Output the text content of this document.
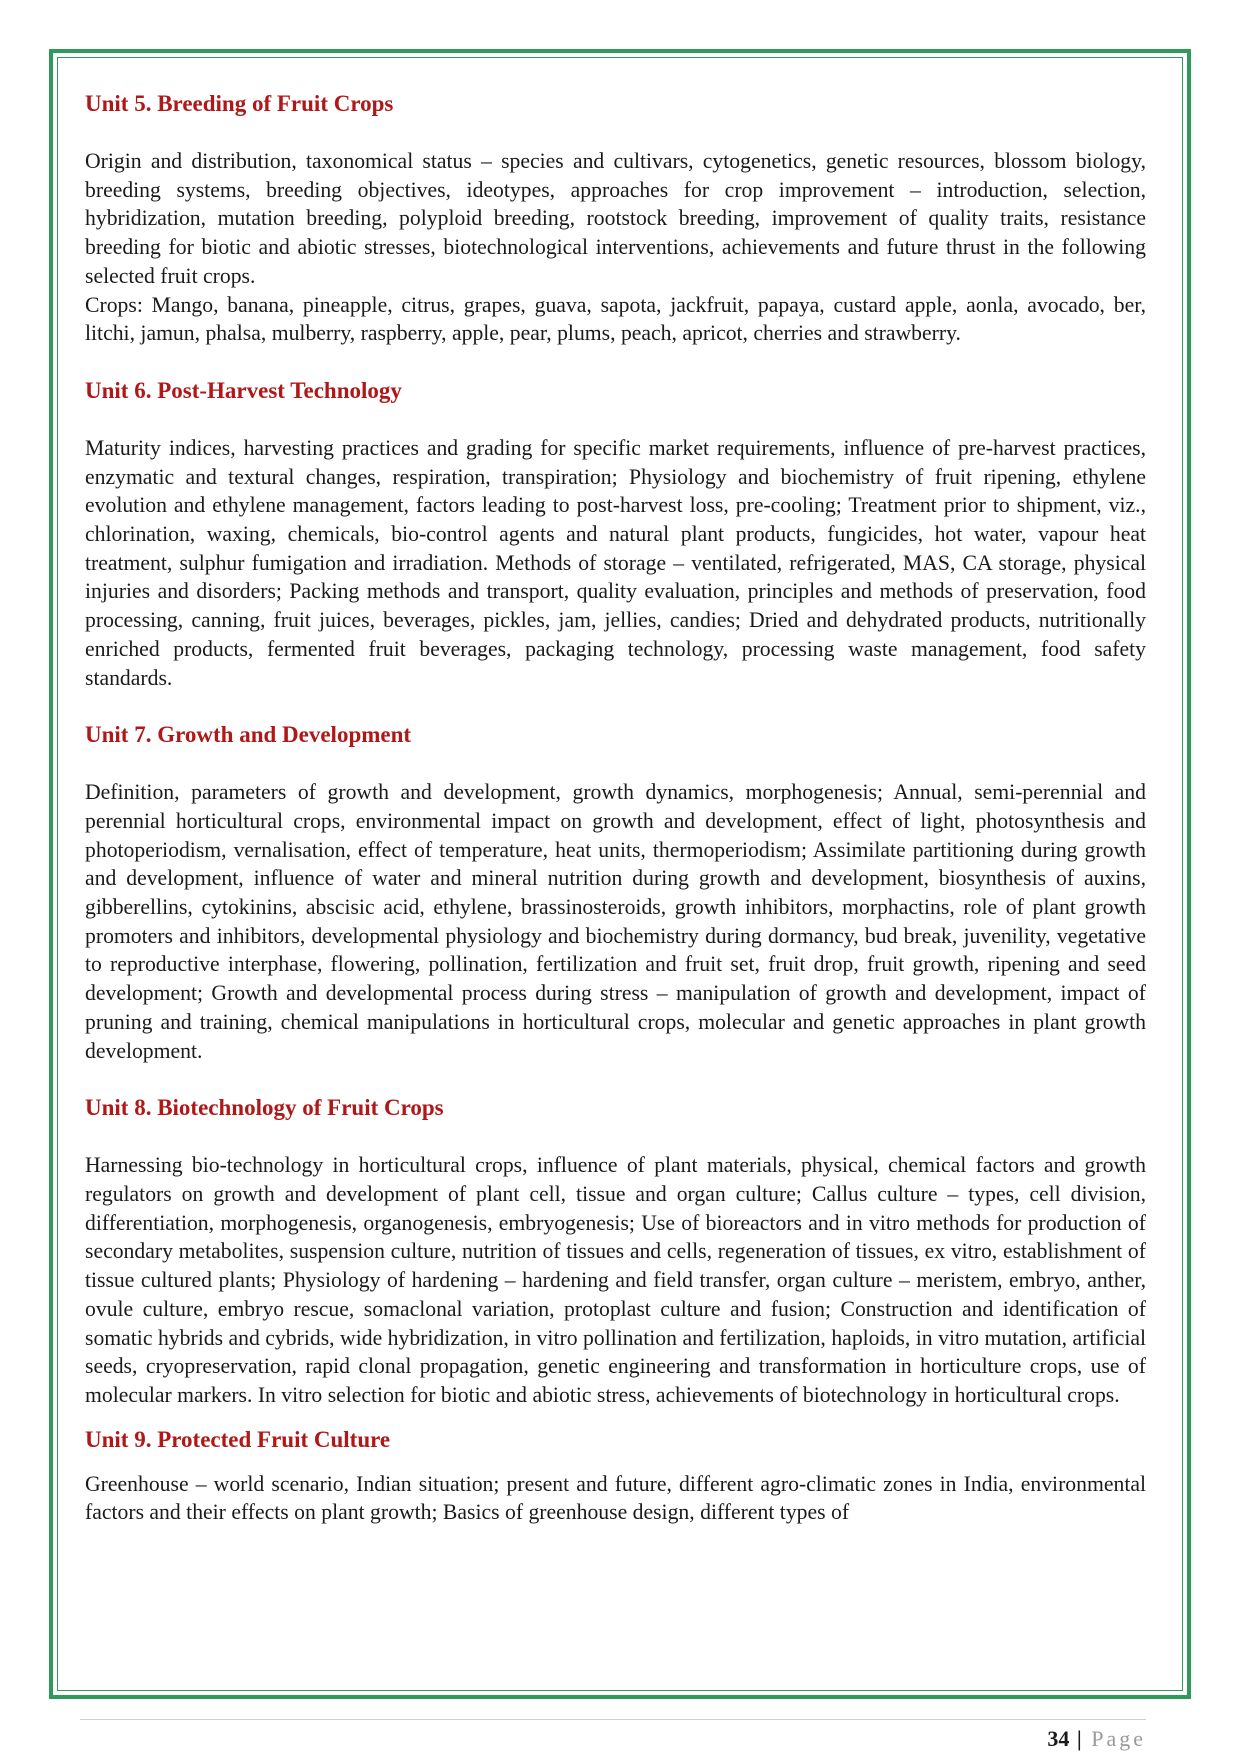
Unit 5. Breeding of Fruit Crops

Origin and distribution, taxonomical status – species and cultivars, cytogenetics, genetic resources, blossom biology, breeding systems, breeding objectives, ideotypes, approaches for crop improvement – introduction, selection, hybridization, mutation breeding, polyploid breeding, rootstock breeding, improvement of quality traits, resistance breeding for biotic and abiotic stresses, biotechnological interventions, achievements and future thrust in the following selected fruit crops.

Crops: Mango, banana, pineapple, citrus, grapes, guava, sapota, jackfruit, papaya, custard apple, aonla, avocado, ber, litchi, jamun, phalsa, mulberry, raspberry, apple, pear, plums, peach, apricot, cherries and strawberry.

Unit 6. Post-Harvest Technology

Maturity indices, harvesting practices and grading for specific market requirements, influence of pre-harvest practices, enzymatic and textural changes, respiration, transpiration; Physiology and biochemistry of fruit ripening, ethylene evolution and ethylene management, factors leading to post-harvest loss, pre-cooling; Treatment prior to shipment, viz., chlorination, waxing, chemicals, bio-control agents and natural plant products, fungicides, hot water, vapour heat treatment, sulphur fumigation and irradiation. Methods of storage – ventilated, refrigerated, MAS, CA storage, physical injuries and disorders; Packing methods and transport, quality evaluation, principles and methods of preservation, food processing, canning, fruit juices, beverages, pickles, jam, jellies, candies; Dried and dehydrated products, nutritionally enriched products, fermented fruit beverages, packaging technology, processing waste management, food safety standards.

Unit 7. Growth and Development

Definition, parameters of growth and development, growth dynamics, morphogenesis; Annual, semi-perennial and perennial horticultural crops, environmental impact on growth and development, effect of light, photosynthesis and photoperiodism, vernalisation, effect of temperature, heat units, thermoperiodism; Assimilate partitioning during growth and development, influence of water and mineral nutrition during growth and development, biosynthesis of auxins, gibberellins, cytokinins, abscisic acid, ethylene, brassinosteroids, growth inhibitors, morphactins, role of plant growth promoters and inhibitors, developmental physiology and biochemistry during dormancy, bud break, juvenility, vegetative to reproductive interphase, flowering, pollination, fertilization and fruit set, fruit drop, fruit growth, ripening and seed development; Growth and developmental process during stress – manipulation of growth and development, impact of pruning and training, chemical manipulations in horticultural crops, molecular and genetic approaches in plant growth development.

Unit 8. Biotechnology of Fruit Crops

Harnessing bio-technology in horticultural crops, influence of plant materials, physical, chemical factors and growth regulators on growth and development of plant cell, tissue and organ culture; Callus culture – types, cell division, differentiation, morphogenesis, organogenesis, embryogenesis; Use of bioreactors and in vitro methods for production of secondary metabolites, suspension culture, nutrition of tissues and cells, regeneration of tissues, ex vitro, establishment of tissue cultured plants; Physiology of hardening – hardening and field transfer, organ culture – meristem, embryo, anther, ovule culture, embryo rescue, somaclonal variation, protoplast culture and fusion; Construction and identification of somatic hybrids and cybrids, wide hybridization, in vitro pollination and fertilization, haploids, in vitro mutation, artificial seeds, cryopreservation, rapid clonal propagation, genetic engineering and transformation in horticulture crops, use of molecular markers. In vitro selection for biotic and abiotic stress, achievements of biotechnology in horticultural crops.

Unit 9. Protected Fruit Culture

Greenhouse – world scenario, Indian situation; present and future, different agro-climatic zones in India, environmental factors and their effects on plant growth; Basics of greenhouse design, different types of

34 | Page
